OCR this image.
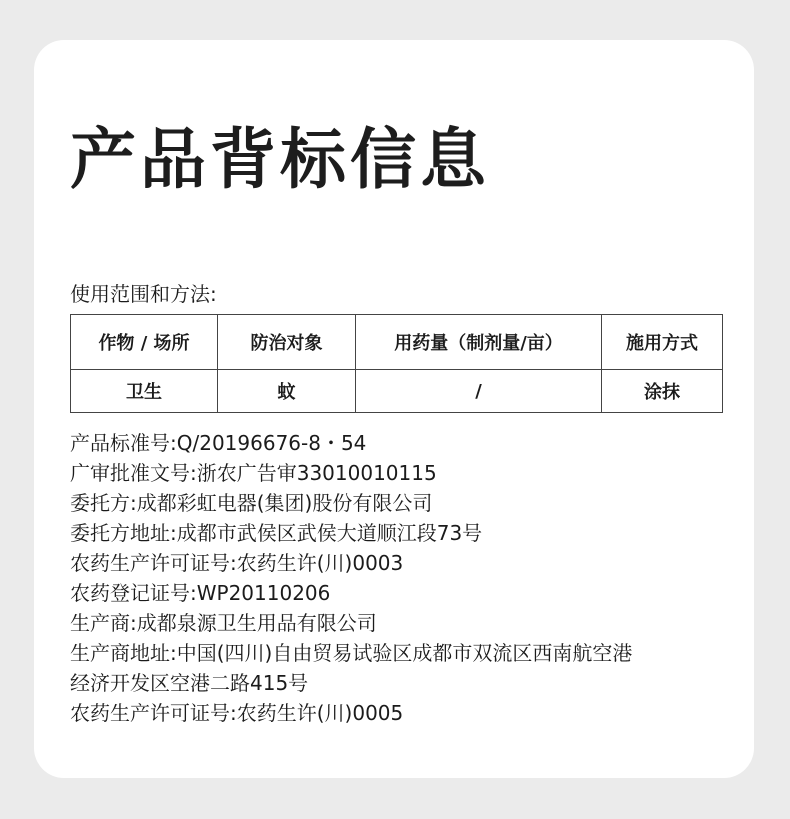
产品背标信息
使用范围和方法:
作物 / 场所	防治对象	用药量（制剂量/亩）	施用方式
卫生	蚊	/	涂抹
产品标准号:Q/20196676-8・54
广审批准文号:浙农广告审33010010115
委托方:成都彩虹电器(集团)股份有限公司
委托方地址:成都市武侯区武侯大道顺江段73号
农药生产许可证号:农药生许(川)0003
农药登记证号:WP20110206
生产商:成都泉源卫生用品有限公司
生产商地址:中国(四川)自由贸易试验区成都市双流区西南航空港
经济开发区空港二路415号
农药生产许可证号:农药生许(川)0005
